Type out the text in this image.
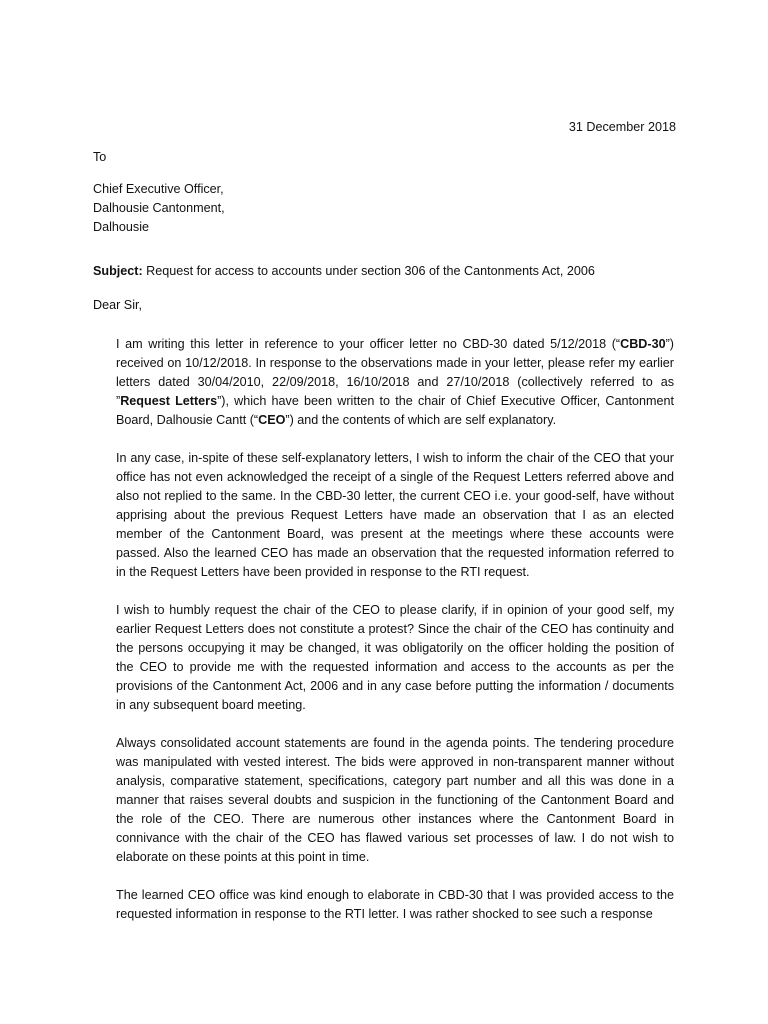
31 December 2018
To
Chief Executive Officer,
Dalhousie Cantonment,
Dalhousie
Subject: Request for access to accounts under section 306 of the Cantonments Act, 2006
Dear Sir,

I am writing this letter in reference to your officer letter no CBD-30 dated 5/12/2018 (“CBD-30”) received on 10/12/2018. In response to the observations made in your letter, please refer my earlier letters dated 30/04/2010, 22/09/2018, 16/10/2018 and 27/10/2018 (collectively referred to as ”Request Letters”), which have been written to the chair of Chief Executive Officer, Cantonment Board, Dalhousie Cantt (“CEO”) and the contents of which are self explanatory.

In any case, in-spite of these self-explanatory letters, I wish to inform the chair of the CEO that your office has not even acknowledged the receipt of a single of the Request Letters referred above and also not replied to the same. In the CBD-30 letter, the current CEO i.e. your good-self, have without apprising about the previous Request Letters have made an observation that I as an elected member of the Cantonment Board, was present at the meetings where these accounts were passed. Also the learned CEO has made an observation that the requested information referred to in the Request Letters have been provided in response to the RTI request.

I wish to humbly request the chair of the CEO to please clarify, if in opinion of your good self, my earlier Request Letters does not constitute a protest? Since the chair of the CEO has continuity and the persons occupying it may be changed, it was obligatorily on the officer holding the position of the CEO to provide me with the requested information and access to the accounts as per the provisions of the Cantonment Act, 2006 and in any case before putting the information / documents in any subsequent board meeting.

Always consolidated account statements are found in the agenda points. The tendering procedure was manipulated with vested interest. The bids were approved in non-transparent manner without analysis, comparative statement, specifications, category part number and all this was done in a manner that raises several doubts and suspicion in the functioning of the Cantonment Board and the role of the CEO. There are numerous other instances where the Cantonment Board in connivance with the chair of the CEO has flawed various set processes of law. I do not wish to elaborate on these points at this point in time.

The learned CEO office was kind enough to elaborate in CBD-30 that I was provided access to the requested information in response to the RTI letter. I was rather shocked to see such a response
